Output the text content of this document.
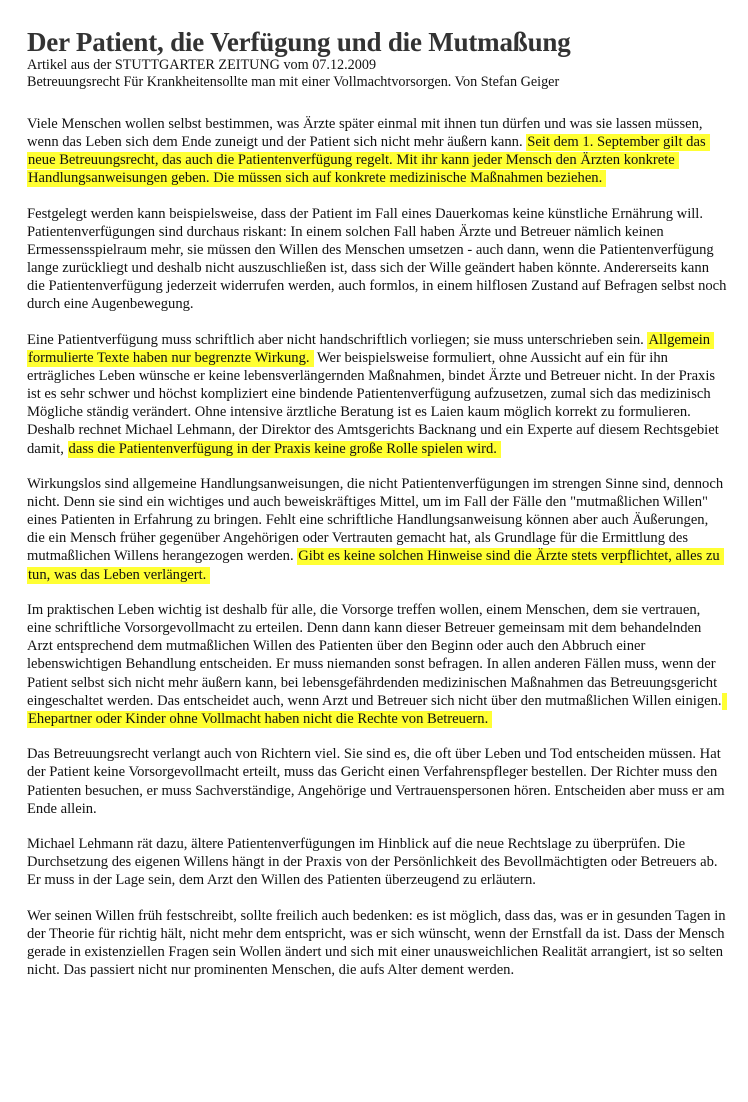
Der Patient, die Verfügung und die Mutmaßung
Artikel aus der STUTTGARTER ZEITUNG vom 07.12.2009
Betreuungsrecht Für Krankheitensollte man mit einer Vollmachtvorsorgen. Von Stefan Geiger

Viele Menschen wollen selbst bestimmen, was Ärzte später einmal mit ihnen tun dürfen und was sie lassen müssen, wenn das Leben sich dem Ende zuneigt und der Patient sich nicht mehr äußern kann. Seit dem 1. September gilt das neue Betreuungsrecht, das auch die Patientenverfügung regelt. Mit ihr kann jeder Mensch den Ärzten konkrete Handlungsanweisungen geben. Die müssen sich auf konkrete medizinische Maßnahmen beziehen.

Festgelegt werden kann beispielsweise, dass der Patient im Fall eines Dauerkomas keine künstliche Ernährung will. Patientenverfügungen sind durchaus riskant: In einem solchen Fall haben Ärzte und Betreuer nämlich keinen Ermessensspielraum mehr, sie müssen den Willen des Menschen umsetzen - auch dann, wenn die Patientenverfügung lange zurückliegt und deshalb nicht auszuschließen ist, dass sich der Wille geändert haben könnte. Andererseits kann die Patientenverfügung jederzeit widerrufen werden, auch formlos, in einem hilflosen Zustand auf Befragen selbst noch durch eine Augenbewegung.

Eine Patientverfügung muss schriftlich aber nicht handschriftlich vorliegen; sie muss unterschrieben sein. Allgemein formulierte Texte haben nur begrenzte Wirkung. Wer beispielsweise formuliert, ohne Aussicht auf ein für ihn erträgliches Leben wünsche er keine lebensverlängernden Maßnahmen, bindet Ärzte und Betreuer nicht. In der Praxis ist es sehr schwer und höchst kompliziert eine bindende Patientenverfügung aufzusetzen, zumal sich das medizinisch Mögliche ständig verändert. Ohne intensive ärztliche Beratung ist es Laien kaum möglich korrekt zu formulieren. Deshalb rechnet Michael Lehmann, der Direktor des Amtsgerichts Backnang und ein Experte auf diesem Rechtsgebiet damit, dass die Patientenverfügung in der Praxis keine große Rolle spielen wird.

Wirkungslos sind allgemeine Handlungsanweisungen, die nicht Patientenverfügungen im strengen Sinne sind, dennoch nicht. Denn sie sind ein wichtiges und auch beweiskräftiges Mittel, um im Fall der Fälle den "mutmaßlichen Willen" eines Patienten in Erfahrung zu bringen. Fehlt eine schriftliche Handlungsanweisung können aber auch Äußerungen, die ein Mensch früher gegenüber Angehörigen oder Vertrauten gemacht hat, als Grundlage für die Ermittlung des mutmaßlichen Willens herangezogen werden. Gibt es keine solchen Hinweise sind die Ärzte stets verpflichtet, alles zu tun, was das Leben verlängert.

Im praktischen Leben wichtig ist deshalb für alle, die Vorsorge treffen wollen, einem Menschen, dem sie vertrauen, eine schriftliche Vorsorgevollmacht zu erteilen. Denn dann kann dieser Betreuer gemeinsam mit dem behandelnden Arzt entsprechend dem mutmaßlichen Willen des Patienten über den Beginn oder auch den Abbruch einer lebenswichtigen Behandlung entscheiden. Er muss niemanden sonst befragen. In allen anderen Fällen muss, wenn der Patient selbst sich nicht mehr äußern kann, bei lebensgefährdenden medizinischen Maßnahmen das Betreuungsgericht eingeschaltet werden. Das entscheidet auch, wenn Arzt und Betreuer sich nicht über den mutmaßlichen Willen einigen. Ehepartner oder Kinder ohne Vollmacht haben nicht die Rechte von Betreuern.

Das Betreuungsrecht verlangt auch von Richtern viel. Sie sind es, die oft über Leben und Tod entscheiden müssen. Hat der Patient keine Vorsorgevollmacht erteilt, muss das Gericht einen Verfahrenspfleger bestellen. Der Richter muss den Patienten besuchen, er muss Sachverständige, Angehörige und Vertrauenspersonen hören. Entscheiden aber muss er am Ende allein.

Michael Lehmann rät dazu, ältere Patientenverfügungen im Hinblick auf die neue Rechtslage zu überprüfen. Die Durchsetzung des eigenen Willens hängt in der Praxis von der Persönlichkeit des Bevollmächtigten oder Betreuers ab. Er muss in der Lage sein, dem Arzt den Willen des Patienten überzeugend zu erläutern.

Wer seinen Willen früh festschreibt, sollte freilich auch bedenken: es ist möglich, dass das, was er in gesunden Tagen in der Theorie für richtig hält, nicht mehr dem entspricht, was er sich wünscht, wenn der Ernstfall da ist. Dass der Mensch gerade in existenziellen Fragen sein Wollen ändert und sich mit einer unausweichlichen Realität arrangiert, ist so selten nicht. Das passiert nicht nur prominenten Menschen, die aufs Alter dement werden.
